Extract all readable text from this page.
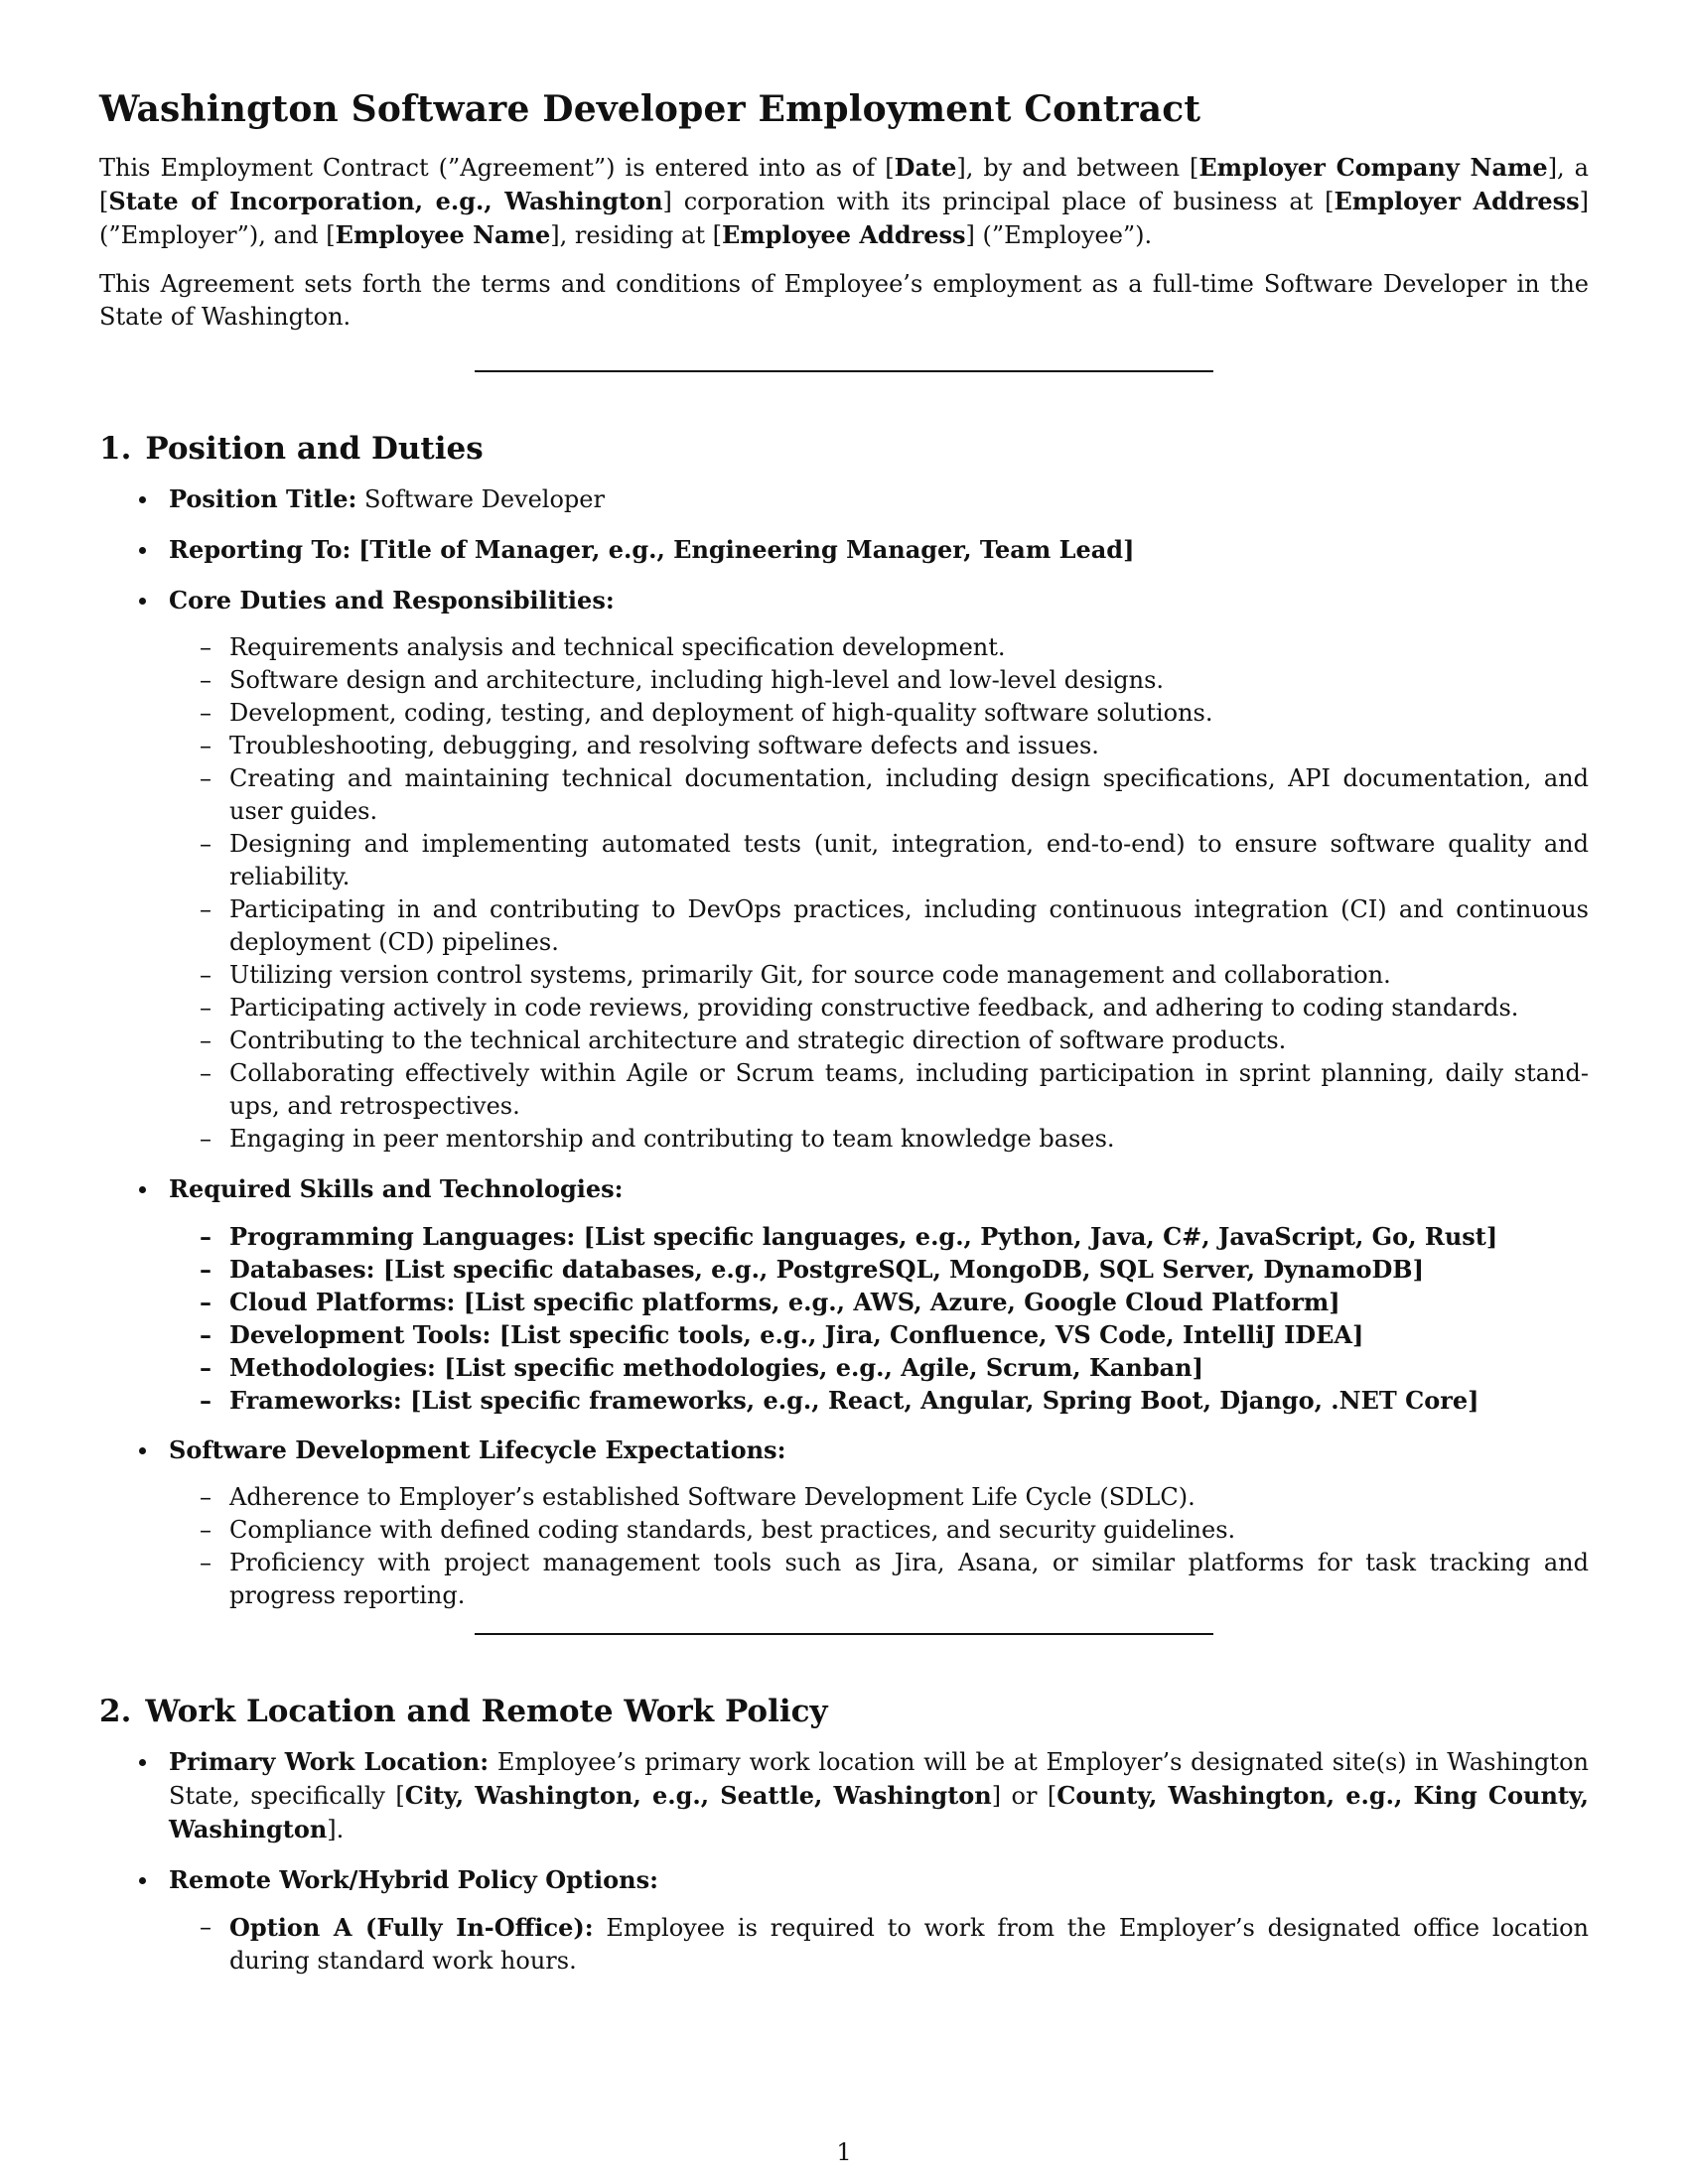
Washington Software Developer Employment Contract

This Employment Contract (”Agreement”) is entered into as of [Date], by and between [Employer Company Name], a [State of Incorporation, e.g., Washington] corporation with its principal place of business at [Employer Address] (”Employer”), and [Employee Name], residing at [Employee Address] (”Employee”).

This Agreement sets forth the terms and conditions of Employee’s employment as a full-time Software Developer in the State of Washington.

1. Position and Duties
Position Title: Software Developer
Reporting To: [Title of Manager, e.g., Engineering Manager, Team Lead]
Core Duties and Responsibilities:
– Requirements analysis and technical specification development.
– Software design and architecture, including high-level and low-level designs.
– Development, coding, testing, and deployment of high-quality software solutions.
– Troubleshooting, debugging, and resolving software defects and issues.
– Creating and maintaining technical documentation, including design specifications, API documentation, and user guides.
– Designing and implementing automated tests (unit, integration, end-to-end) to ensure software quality and reliability.
– Participating in and contributing to DevOps practices, including continuous integration (CI) and continuous deployment (CD) pipelines.
– Utilizing version control systems, primarily Git, for source code management and collaboration.
– Participating actively in code reviews, providing constructive feedback, and adhering to coding standards.
– Contributing to the technical architecture and strategic direction of software products.
– Collaborating effectively within Agile or Scrum teams, including participation in sprint planning, daily stand-ups, and retrospectives.
– Engaging in peer mentorship and contributing to team knowledge bases.
Required Skills and Technologies:
– Programming Languages: [List specific languages, e.g., Python, Java, C#, JavaScript, Go, Rust]
– Databases: [List specific databases, e.g., PostgreSQL, MongoDB, SQL Server, DynamoDB]
– Cloud Platforms: [List specific platforms, e.g., AWS, Azure, Google Cloud Platform]
– Development Tools: [List specific tools, e.g., Jira, Confluence, VS Code, IntelliJ IDEA]
– Methodologies: [List specific methodologies, e.g., Agile, Scrum, Kanban]
– Frameworks: [List specific frameworks, e.g., React, Angular, Spring Boot, Django, .NET Core]
Software Development Lifecycle Expectations:
– Adherence to Employer’s established Software Development Life Cycle (SDLC).
– Compliance with defined coding standards, best practices, and security guidelines.
– Proficiency with project management tools such as Jira, Asana, or similar platforms for task tracking and progress reporting.
2. Work Location and Remote Work Policy
Primary Work Location: Employee’s primary work location will be at Employer’s designated site(s) in Washington State, specifically [City, Washington, e.g., Seattle, Washington] or [County, Washington, e.g., King County, Washington].
Remote Work/Hybrid Policy Options:
– Option A (Fully In-Office): Employee is required to work from the Employer’s designated office location during standard work hours.
1
